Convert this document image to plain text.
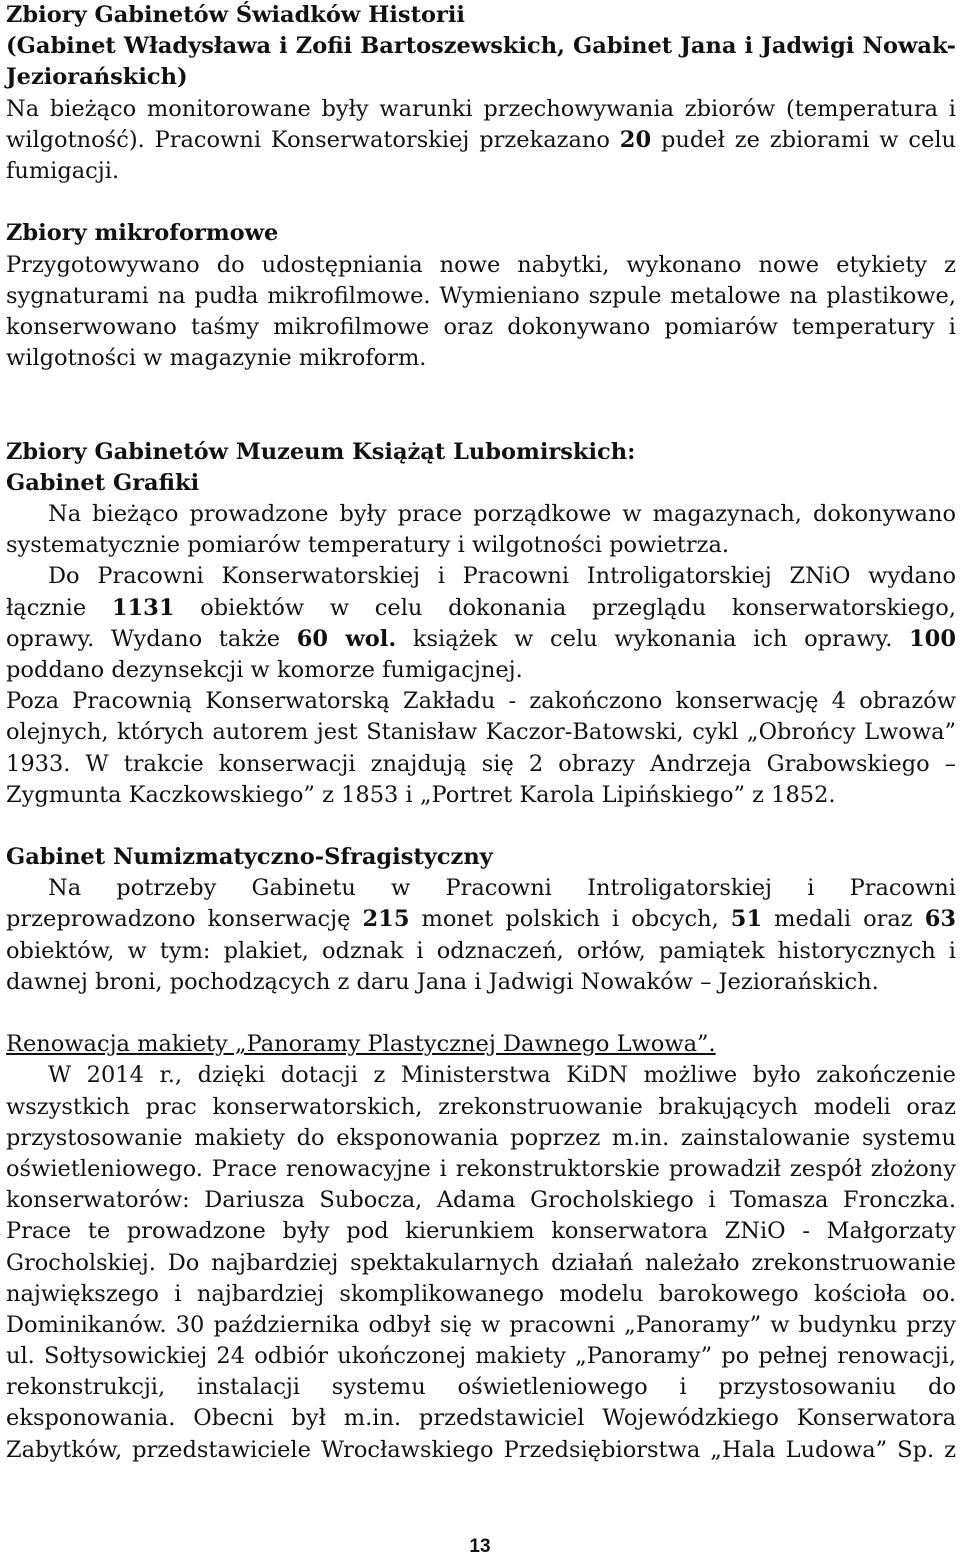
Zbiory Gabinetów Świadków Historii
(Gabinet Władysława i Zofii Bartoszewskich, Gabinet Jana i Jadwigi Nowak-
Jeziorańskich)
Na bieżąco monitorowane były warunki przechowywania zbiorów (temperatura i
wilgotność). Pracowni Konserwatorskiej przekazano 20 pudeł ze zbiorami w celu
fumigacji.
Zbiory mikroformowe
Przygotowywano do udostępniania nowe nabytki, wykonano nowe etykiety z
sygnaturami na pudła mikrofilmowe. Wymieniano szpule metalowe na plastikowe,
konserwowano taśmy mikrofilmowe oraz dokonywano pomiarów temperatury i
wilgotności w magazynie mikroform.
Zbiory Gabinetów Muzeum Książąt Lubomirskich:
Gabinet Grafiki
Na bieżąco prowadzone były prace porządkowe w magazynach, dokonywano
systematycznie pomiarów temperatury i wilgotności powietrza.
Do Pracowni Konserwatorskiej i Pracowni Introligatorskiej ZNiO wydano
łącznie 1131 obiektów w celu dokonania przeglądu konserwatorskiego,
oprawy. Wydano także 60 wol. książek w celu wykonania ich oprawy. 100
poddano dezynsekcji w komorze fumigacjnej.
Poza Pracownią Konserwatorską Zakładu - zakończono konserwację 4 obrazów
olejnych, których autorem jest Stanisław Kaczor-Batowski, cykl „Obrońcy Lwowa”
1933. W trakcie konserwacji znajdują się 2 obrazy Andrzeja Grabowskiego –
Zygmunta Kaczkowskiego” z 1853 i „Portret Karola Lipińskiego” z 1852.
Gabinet Numizmatyczno-Sfragistyczny
Na potrzeby Gabinetu w Pracowni Introligatorskiej i Pracowni
przeprowadzono konserwację 215 monet polskich i obcych, 51 medali oraz 63
obiektów, w tym: plakiet, odznak i odznaczeń, orłów, pamiątek historycznych i
dawnej broni, pochodzących z daru Jana i Jadwigi Nowaków – Jeziorańskich.
Renowacja makiety „Panoramy Plastycznej Dawnego Lwowa”.
W 2014 r., dzięki dotacji z Ministerstwa KiDN możliwe było zakończenie
wszystkich prac konserwatorskich, zrekonstruowanie brakujących modeli oraz
przystosowanie makiety do eksponowania poprzez m.in. zainstalowanie systemu
oświetleniowego. Prace renowacyjne i rekonstruktorskie prowadził zespół złożony
konserwatorów: Dariusza Subocza, Adama Grocholskiego i Tomasza Fronczka.
Prace te prowadzone były pod kierunkiem konserwatora ZNiO - Małgorzaty
Grocholskiej. Do najbardziej spektakularnych działań należało zrekonstruowanie
największego i najbardziej skomplikowanego modelu barokowego kościoła oo.
Dominikanów. 30 października odbył się w pracowni „Panoramy” w budynku przy
ul. Sołtysowickiej 24 odbiór ukończonej makiety „Panoramy” po pełnej renowacji,
rekonstrukcji, instalacji systemu oświetleniowego i przystosowaniu do
eksponowania. Obecni był m.in. przedstawiciel Wojewódzkiego Konserwatora
Zabytków, przedstawiciele Wrocławskiego Przedsiębiorstwa „Hala Ludowa” Sp. z
13
